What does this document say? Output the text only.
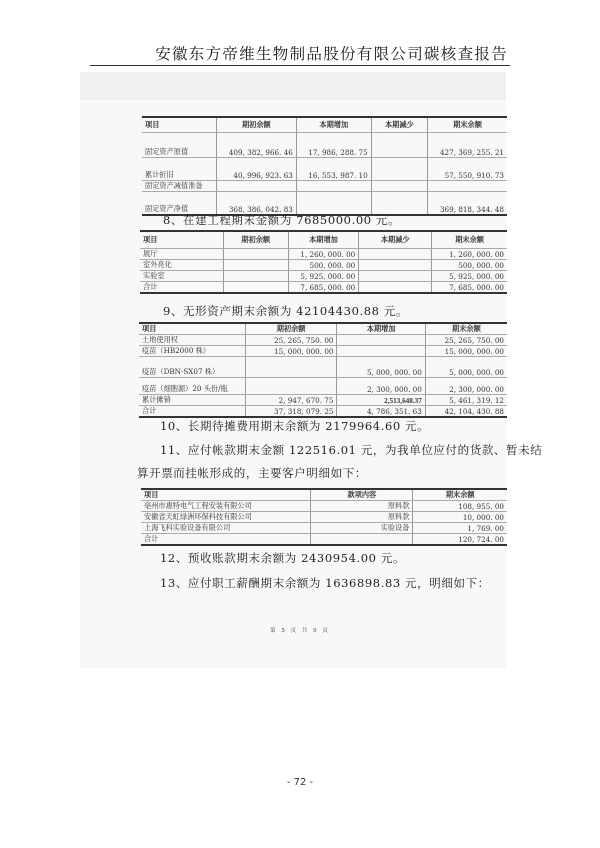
安徽东方帝维生物制品股份有限公司碳核查报告
项目	期初余额	本期增加	本期减少	期末余额
固定资产原值	409, 382, 966. 46	17, 986, 288. 75		427, 369, 255. 21
累计折旧	40, 996, 923. 63	16, 553, 987. 10		57, 550, 910. 73
固定资产减值准备				
固定资产净值	368, 386, 042. 83			369, 818, 344. 48
8、在建工程期末金额为 7685000.00 元。
项目	期初余额	本期增加	本期减少	期末余额
展厅		1, 260, 000. 00		1, 260, 000. 00
室外亮化		500, 000. 00		500, 000. 00
实验室		5, 925, 000. 00		5, 925, 000. 00
合计		7, 685, 000. 00		7, 685, 000. 00
9、无形资产期末余额为 42104430.88 元。
项目	期初余额	本期增加	期末余额
土地使用权	25, 265, 750. 00		25, 265, 750. 00
疫苗（HB2000 株）	15, 000, 000. 00		15, 000, 000. 00
疫苗（DBN-SX07 株）		5, 000, 000. 00	5, 000, 000. 00
疫苗（细胞源）20 头份/瓶		2, 300, 000. 00	2, 300, 000. 00
累计摊销	2, 947, 670. 75	2,513,648.37	5, 461, 319. 12
合计	37, 318, 079. 25	4, 786, 351. 63	42, 104, 430. 88
10、长期待摊费用期末余额为 2179964.60 元。
11、应付帐款期末金额 122516.01 元，为我单位应付的货款、暂未结
算开票而挂帐形成的，主要客户明细如下：
项目	款项内容	期末余额
亳州市惠特电气工程安装有限公司	原料款	108, 955. 00
安徽省天虹绿洲环保科技有限公司	原料款	10, 000. 00
上海飞科实验设备有限公司	实验设备	1, 769. 00
合计		120, 724. 00
12、预收账款期末余额为 2430954.00 元。
13、应付职工薪酬期末余额为 1636898.83 元，明细如下：
第 5 页 共 9 页
- 72 -
